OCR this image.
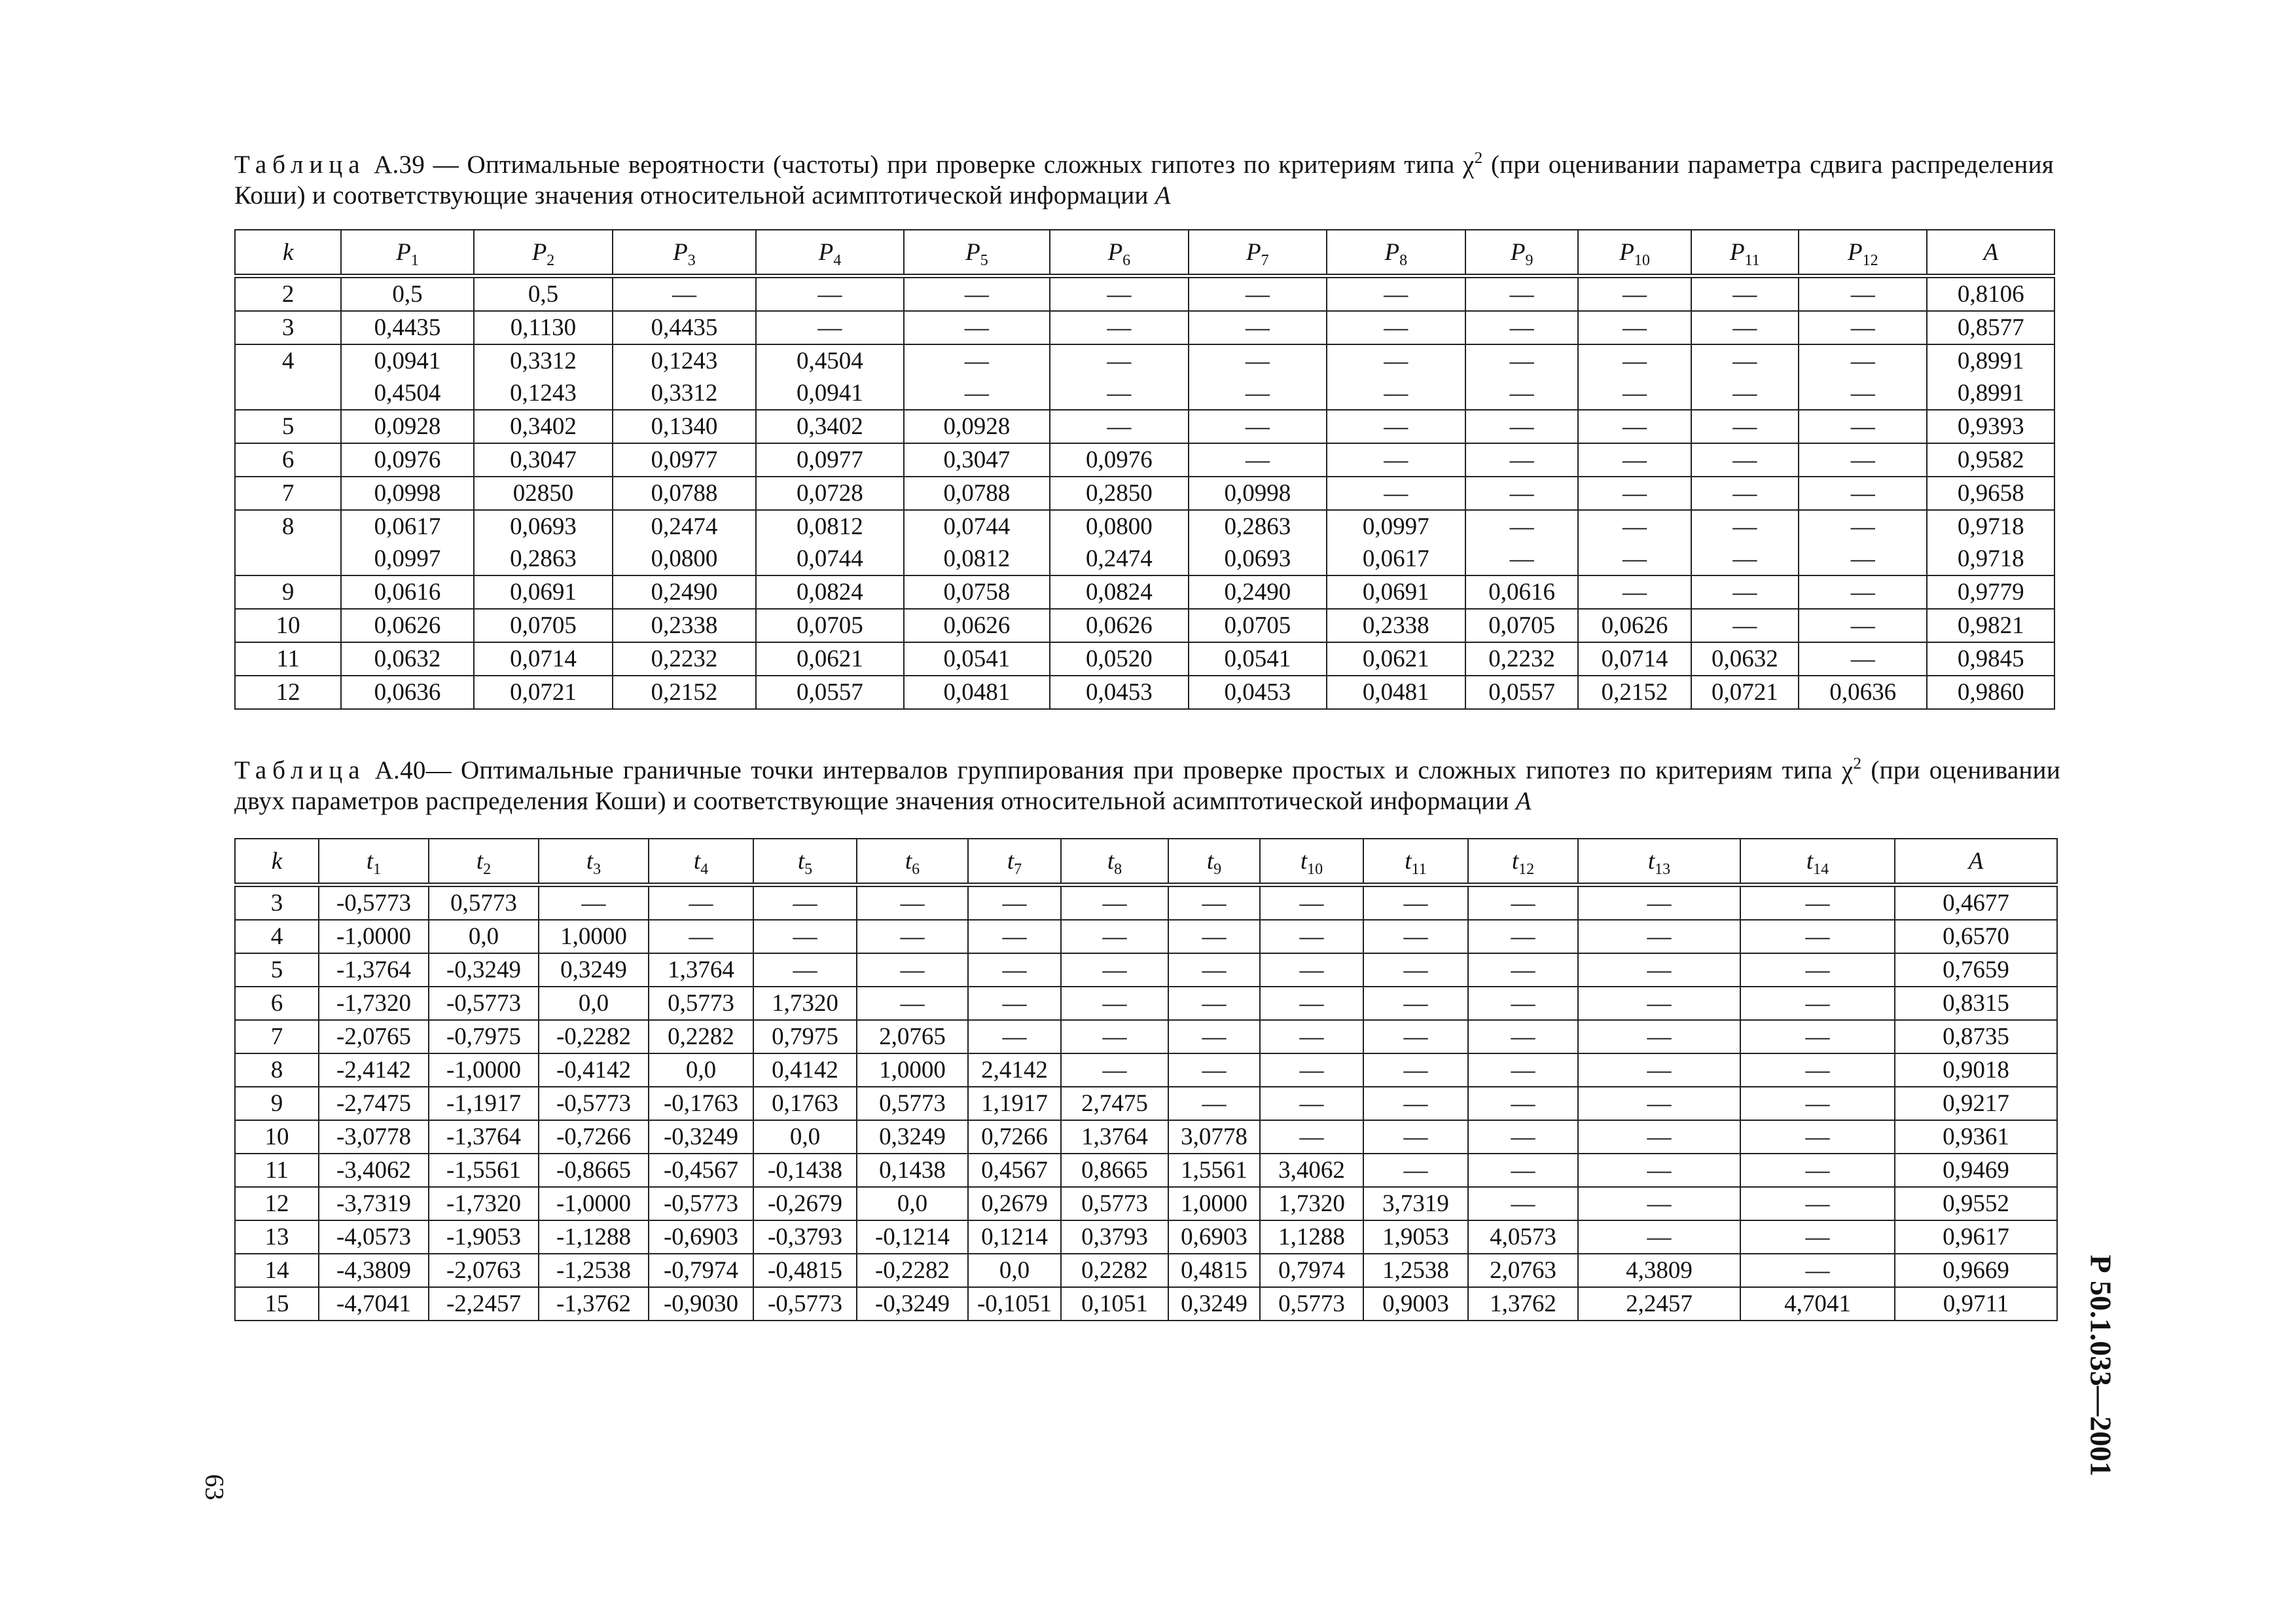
Таблица А.39 — Оптимальные вероятности (частоты) при проверке сложных гипотез по критериям типа $\chi^2$ (при оценивании параметра сдвига распределения Коши) и соответствующие значения относительной асимптотической информации A
k	$P_1$	$P_2$	$P_3$	$P_4$	$P_5$	$P_6$	$P_7$	$P_8$	$P_9$	$P_{10}$	$P_{11}$	$P_{12}$	A
2	0,5	0,5	—	—	—	—	—	—	—	—	—	—	0,8106
3	0,4435	0,1130	0,4435	—	—	—	—	—	—	—	—	—	0,8577
4	0,0941	0,3312	0,1243	0,4504	—	—	—	—	—	—	—	—	0,8991
	0,4504	0,1243	0,3312	0,0941	—	—	—	—	—	—	—	—	0,8991
5	0,0928	0,3402	0,1340	0,3402	0,0928	—	—	—	—	—	—	—	0,9393
6	0,0976	0,3047	0,0977	0,0977	0,3047	0,0976	—	—	—	—	—	—	0,9582
7	0,0998	02850	0,0788	0,0728	0,0788	0,2850	0,0998	—	—	—	—	—	0,9658
8	0,0617	0,0693	0,2474	0,0812	0,0744	0,0800	0,2863	0,0997	—	—	—	—	0,9718
	0,0997	0,2863	0,0800	0,0744	0,0812	0,2474	0,0693	0,0617	—	—	—	—	0,9718
9	0,0616	0,0691	0,2490	0,0824	0,0758	0,0824	0,2490	0,0691	0,0616	—	—	—	0,9779
10	0,0626	0,0705	0,2338	0,0705	0,0626	0,0626	0,0705	0,2338	0,0705	0,0626	—	—	0,9821
11	0,0632	0,0714	0,2232	0,0621	0,0541	0,0520	0,0541	0,0621	0,2232	0,0714	0,0632	—	0,9845
12	0,0636	0,0721	0,2152	0,0557	0,0481	0,0453	0,0453	0,0481	0,0557	0,2152	0,0721	0,0636	0,9860
Таблица А.40— Оптимальные граничные точки интервалов группирования при проверке простых и сложных гипотез по критериям типа $\chi^2$ (при оценивании двух параметров распределения Коши) и соответствующие значения относительной асимптотической информации A
k	$t_1$	$t_2$	$t_3$	$t_4$	$t_5$	$t_6$	$t_7$	$t_8$	$t_9$	$t_{10}$	$t_{11}$	$t_{12}$	$t_{13}$	$t_{14}$	A
3	-0,5773	0,5773	—	—	—	—	—	—	—	—	—	—	—	—	0,4677
4	-1,0000	0,0	1,0000	—	—	—	—	—	—	—	—	—	—	—	0,6570
5	-1,3764	-0,3249	0,3249	1,3764	—	—	—	—	—	—	—	—	—	—	0,7659
6	-1,7320	-0,5773	0,0	0,5773	1,7320	—	—	—	—	—	—	—	—	—	0,8315
7	-2,0765	-0,7975	-0,2282	0,2282	0,7975	2,0765	—	—	—	—	—	—	—	—	0,8735
8	-2,4142	-1,0000	-0,4142	0,0	0,4142	1,0000	2,4142	—	—	—	—	—	—	—	0,9018
9	-2,7475	-1,1917	-0,5773	-0,1763	0,1763	0,5773	1,1917	2,7475	—	—	—	—	—	—	0,9217
10	-3,0778	-1,3764	-0,7266	-0,3249	0,0	0,3249	0,7266	1,3764	3,0778	—	—	—	—	—	0,9361
11	-3,4062	-1,5561	-0,8665	-0,4567	-0,1438	0,1438	0,4567	0,8665	1,5561	3,4062	—	—	—	—	0,9469
12	-3,7319	-1,7320	-1,0000	-0,5773	-0,2679	0,0	0,2679	0,5773	1,0000	1,7320	3,7319	—	—	—	0,9552
13	-4,0573	-1,9053	-1,1288	-0,6903	-0,3793	-0,1214	0,1214	0,3793	0,6903	1,1288	1,9053	4,0573	—	—	0,9617
14	-4,3809	-2,0763	-1,2538	-0,7974	-0,4815	-0,2282	0,0	0,2282	0,4815	0,7974	1,2538	2,0763	4,3809	—	0,9669
15	-4,7041	-2,2457	-1,3762	-0,9030	-0,5773	-0,3249	-0,1051	0,1051	0,3249	0,5773	0,9003	1,3762	2,2457	4,7041	0,9711
63
Р 50.1.033—2001
